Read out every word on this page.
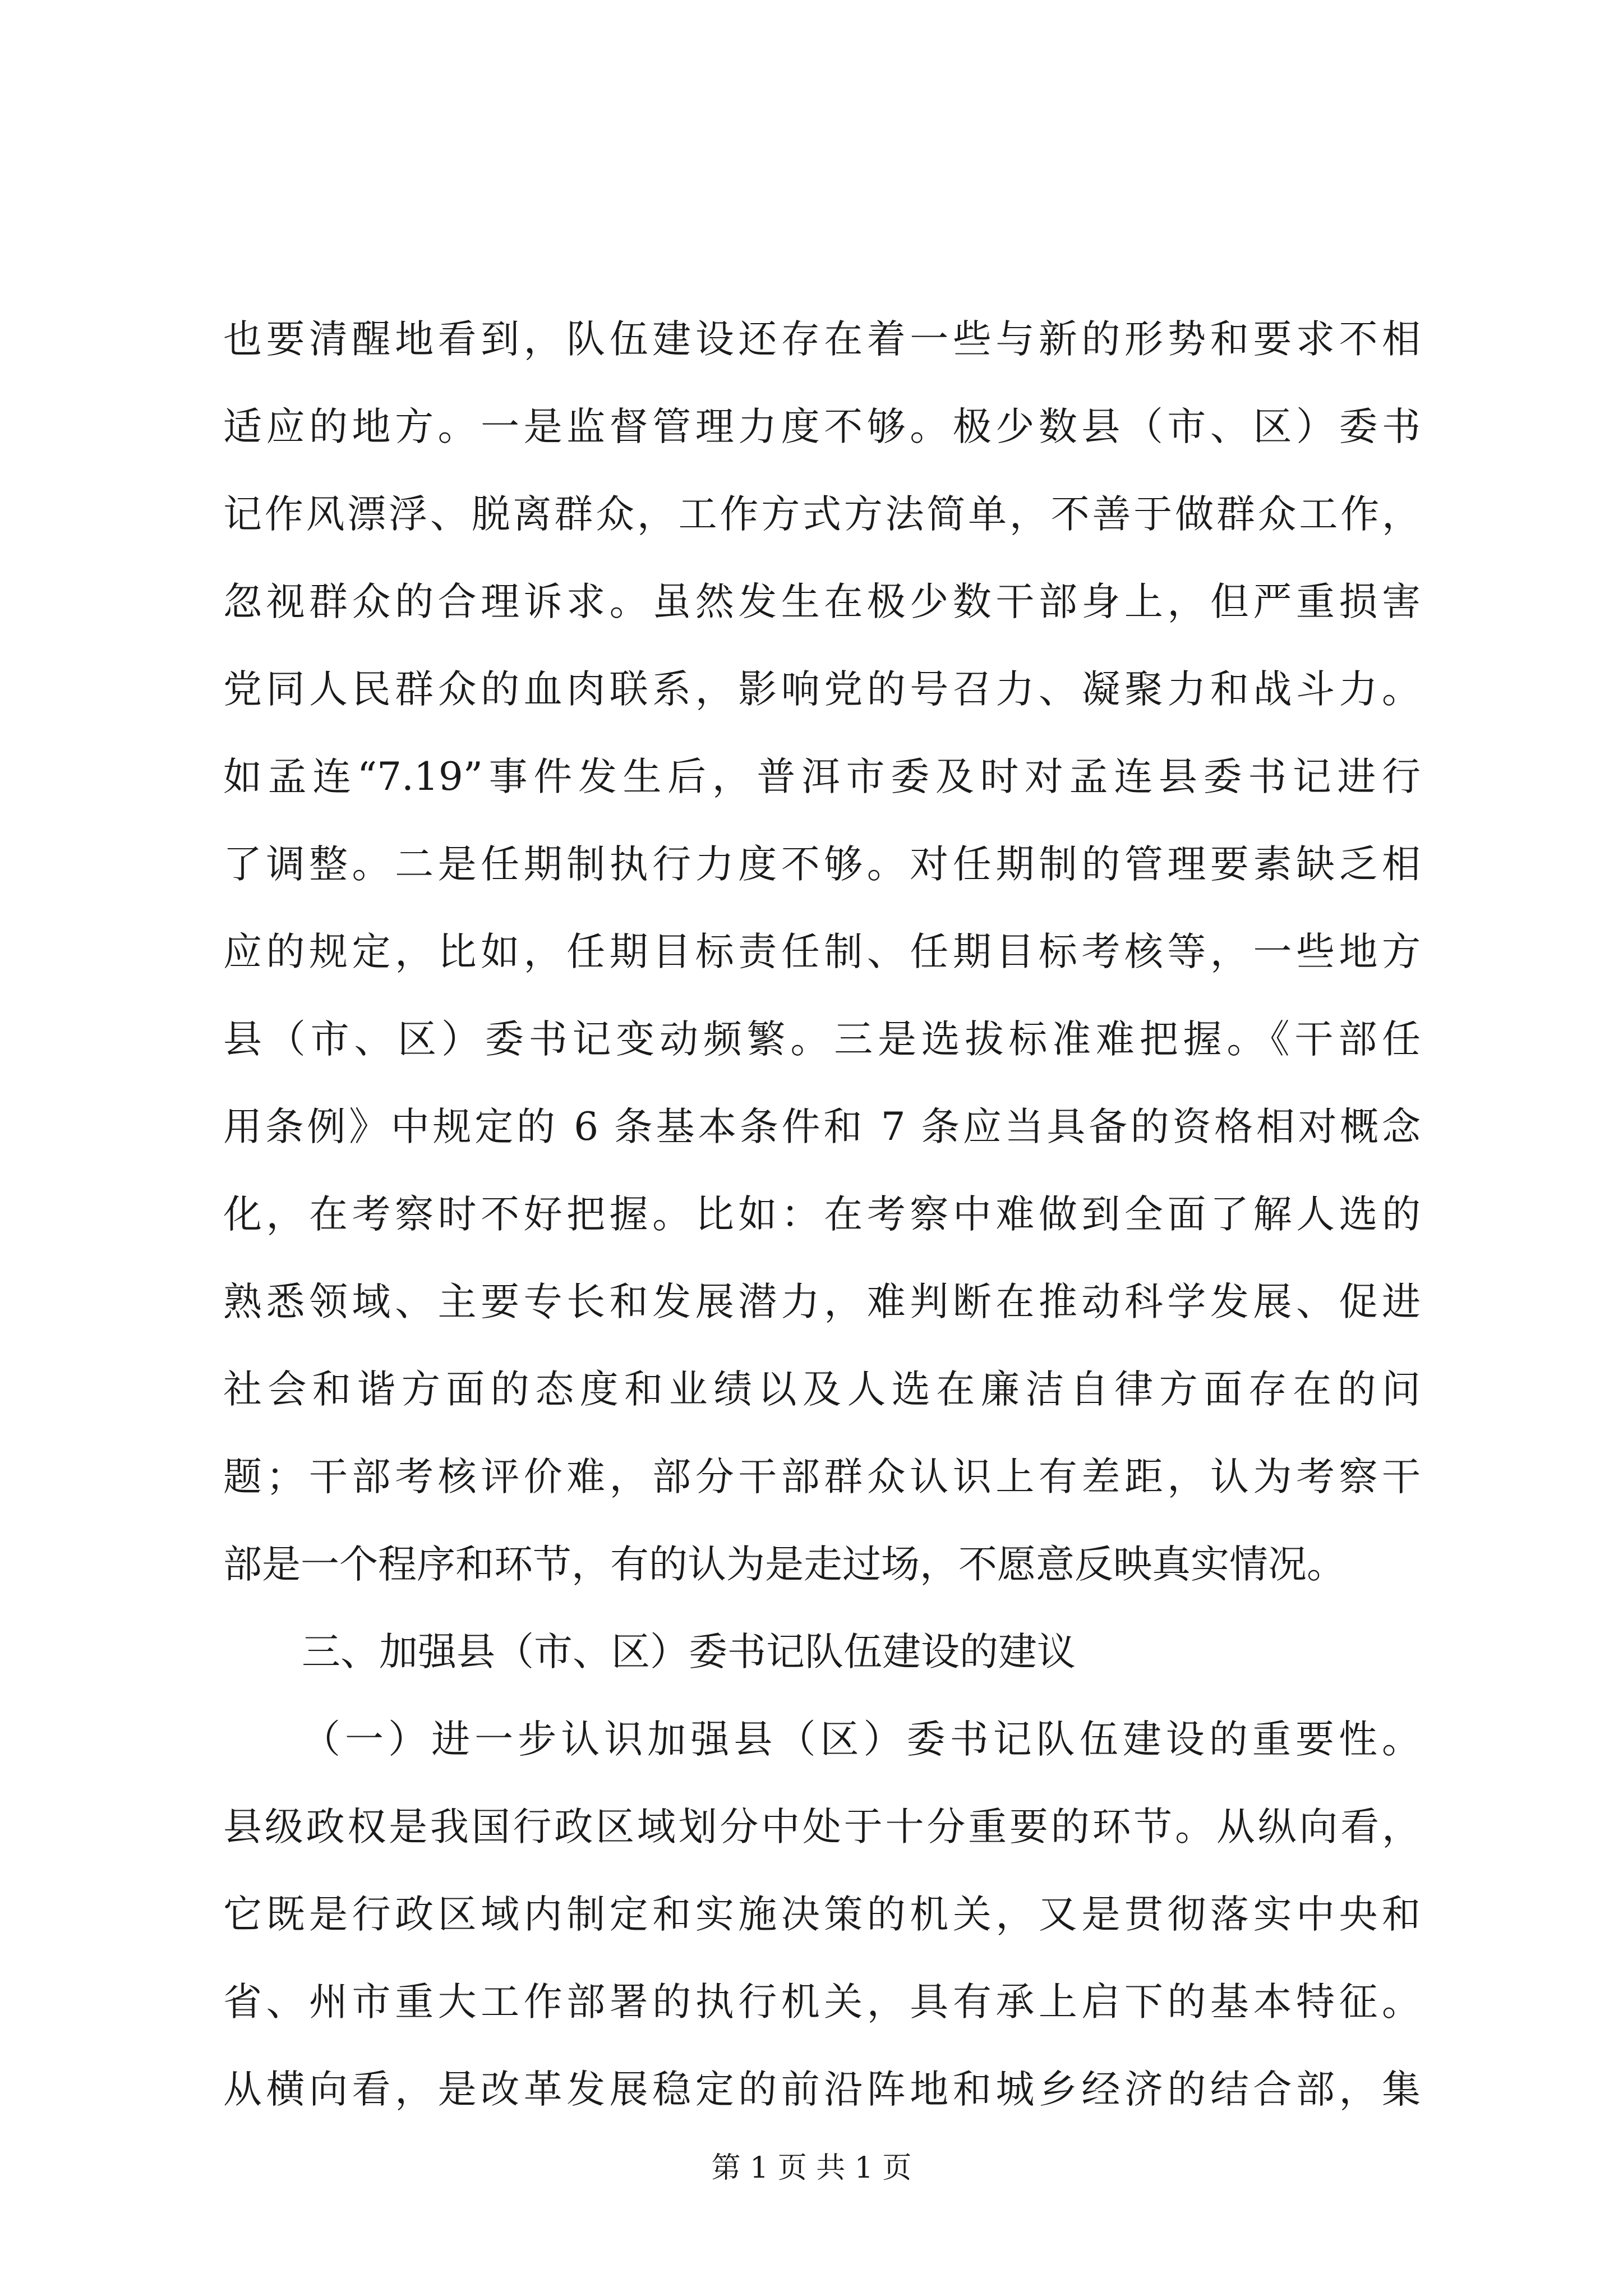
也要清醒地看到，队伍建设还存在着一些与新的形势和要求不相
适应的地方。一是监督管理力度不够。极少数县（市、区）委书
记作风漂浮、脱离群众，工作方式方法简单，不善于做群众工作，
忽视群众的合理诉求。虽然发生在极少数干部身上，但严重损害
党同人民群众的血肉联系，影响党的号召力、凝聚力和战斗力。
如孟连“7.19”事件发生后，普洱市委及时对孟连县委书记进行
了调整。二是任期制执行力度不够。对任期制的管理要素缺乏相
应的规定，比如，任期目标责任制、任期目标考核等，一些地方
县（市、区）委书记变动频繁。三是选拔标准难把握。《干部任
用条例》中规定的 6 条基本条件和 7 条应当具备的资格相对概念
化，在考察时不好把握。比如：在考察中难做到全面了解人选的
熟悉领域、主要专长和发展潜力，难判断在推动科学发展、促进
社会和谐方面的态度和业绩以及人选在廉洁自律方面存在的问
题；干部考核评价难，部分干部群众认识上有差距，认为考察干
部是一个程序和环节，有的认为是走过场，不愿意反映真实情况。
三、加强县（市、区）委书记队伍建设的建议
（一）进一步认识加强县（区）委书记队伍建设的重要性。
县级政权是我国行政区域划分中处于十分重要的环节。从纵向看，
它既是行政区域内制定和实施决策的机关，又是贯彻落实中央和
省、州市重大工作部署的执行机关，具有承上启下的基本特征。
从横向看，是改革发展稳定的前沿阵地和城乡经济的结合部，集
第 1 页 共 1 页
